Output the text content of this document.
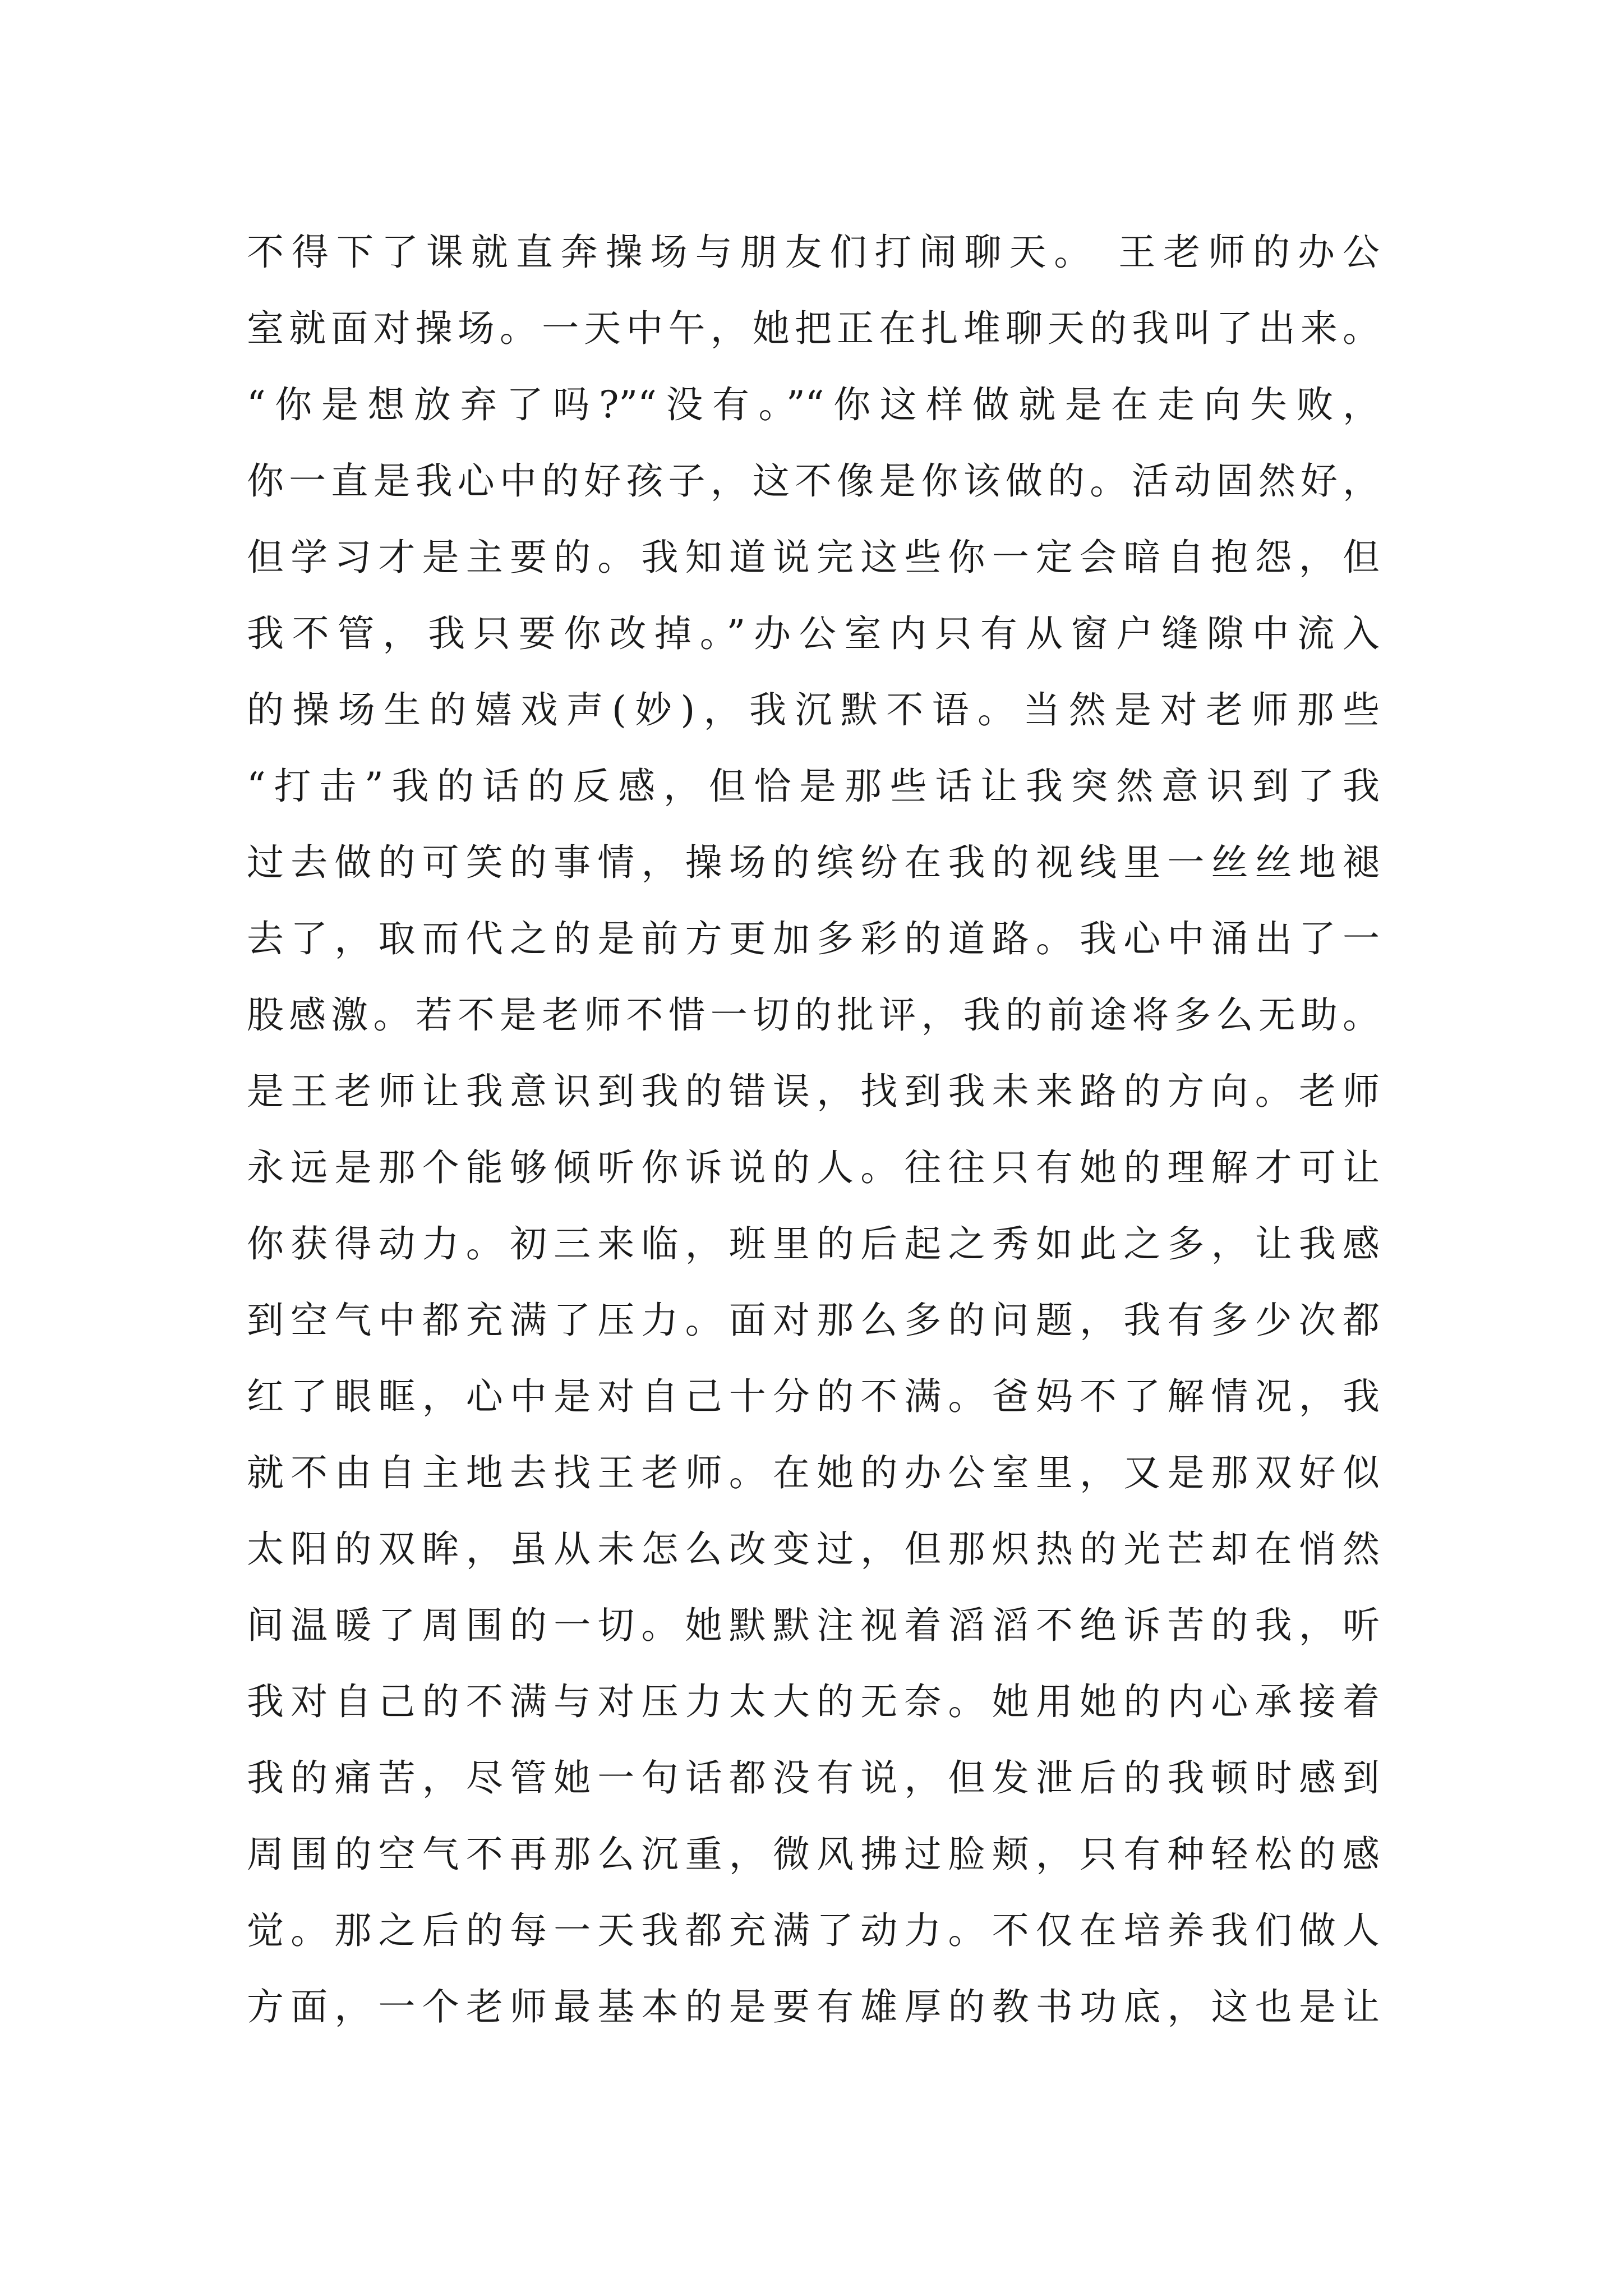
不得下了课就直奔操场与朋友们打闹聊天。 王老师的办公
室就面对操场。一天中午，她把正在扎堆聊天的我叫了出来。
“你是想放弃了吗?”“没有。”“你这样做就是在走向失败，
你一直是我心中的好孩子，这不像是你该做的。活动固然好，
但学习才是主要的。我知道说完这些你一定会暗自抱怨，但
我不管，我只要你改掉。”办公室内只有从窗户缝隙中流入
的操场生的嬉戏声(妙)，我沉默不语。当然是对老师那些
“打击”我的话的反感，但恰是那些话让我突然意识到了我
过去做的可笑的事情，操场的缤纷在我的视线里一丝丝地褪
去了，取而代之的是前方更加多彩的道路。我心中涌出了一
股感激。若不是老师不惜一切的批评，我的前途将多么无助。
是王老师让我意识到我的错误，找到我未来路的方向。老师
永远是那个能够倾听你诉说的人。往往只有她的理解才可让
你获得动力。初三来临，班里的后起之秀如此之多，让我感
到空气中都充满了压力。面对那么多的问题，我有多少次都
红了眼眶，心中是对自己十分的不满。爸妈不了解情况，我
就不由自主地去找王老师。在她的办公室里，又是那双好似
太阳的双眸，虽从未怎么改变过，但那炽热的光芒却在悄然
间温暖了周围的一切。她默默注视着滔滔不绝诉苦的我，听
我对自己的不满与对压力太大的无奈。她用她的内心承接着
我的痛苦，尽管她一句话都没有说，但发泄后的我顿时感到
周围的空气不再那么沉重，微风拂过脸颊，只有种轻松的感
觉。那之后的每一天我都充满了动力。不仅在培养我们做人
方面，一个老师最基本的是要有雄厚的教书功底，这也是让
